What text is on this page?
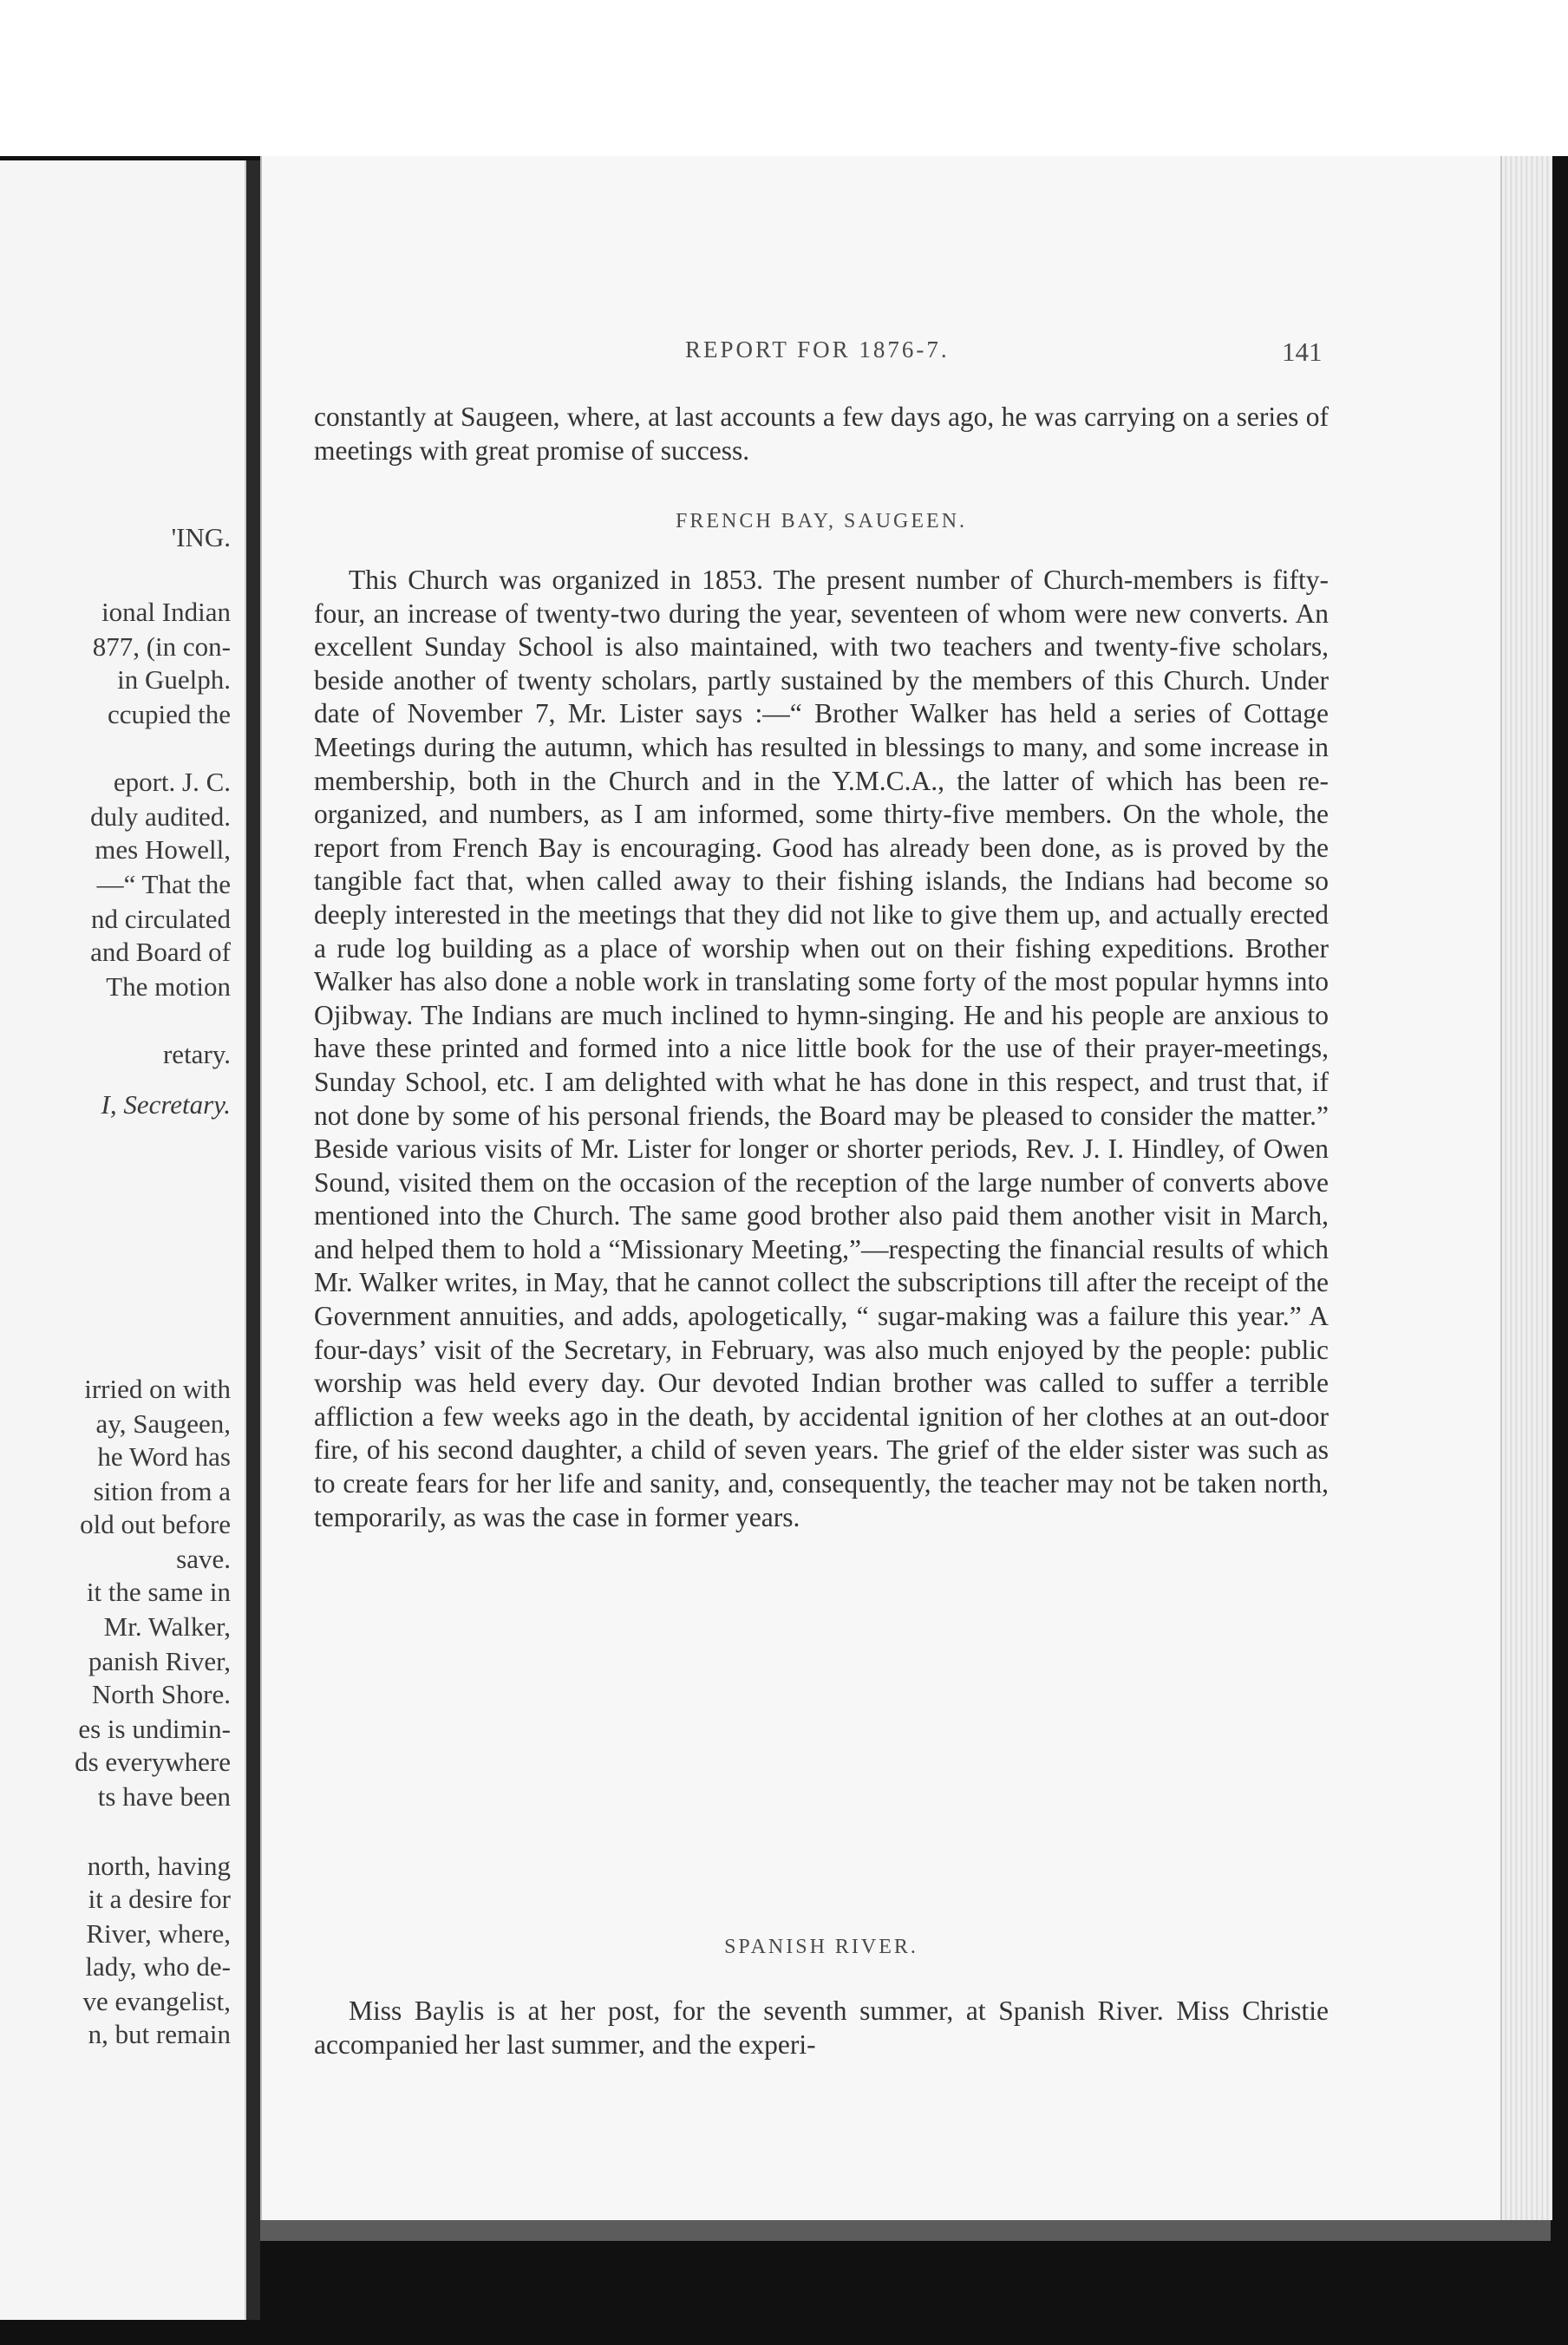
'ING.

ional Indian

877, (in con-

in Guelph.

ccupied the

eport. J. C.

duly audited.

mes Howell,

—“ That the

nd circulated

and Board of

The motion

retary.

I, Secretary.

irried on with

ay, Saugeen,

he Word has

sition from a

old out before

save.

it the same in

Mr. Walker,

panish River,

North Shore.

es is undimin-

ds everywhere

ts have been

north, having

it a desire for

River, where,

lady, who de-

ve evangelist,

n, but remain

REPORT FOR 1876-7.	141

constantly at Saugeen, where, at last accounts a few days ago, he was carrying on a series of meetings with great promise of success.

FRENCH BAY, SAUGEEN.

This Church was organized in 1853. The present number of Church-members is fifty-four, an increase of twenty-two during the year, seventeen of whom were new converts. An excellent Sunday School is also maintained, with two teachers and twenty-five scholars, beside another of twenty scholars, partly sustained by the members of this Church. Under date of November 7, Mr. Lister says :—“ Brother Walker has held a series of Cottage Meetings during the autumn, which has resulted in blessings to many, and some increase in membership, both in the Church and in the Y.M.C.A., the latter of which has been re-organized, and numbers, as I am informed, some thirty-five members. On the whole, the report from French Bay is encouraging. Good has already been done, as is proved by the tangible fact that, when called away to their fishing islands, the Indians had become so deeply interested in the meetings that they did not like to give them up, and actually erected a rude log building as a place of worship when out on their fishing expeditions. Brother Walker has also done a noble work in translating some forty of the most popular hymns into Ojibway. The Indians are much inclined to hymn-singing. He and his people are anxious to have these printed and formed into a nice little book for the use of their prayer-meetings, Sunday School, etc. I am delighted with what he has done in this respect, and trust that, if not done by some of his personal friends, the Board may be pleased to consider the matter.” Beside various visits of Mr. Lister for longer or shorter periods, Rev. J. I. Hindley, of Owen Sound, visited them on the occasion of the reception of the large number of converts above mentioned into the Church. The same good brother also paid them another visit in March, and helped them to hold a “Missionary Meeting,”—respecting the financial results of which Mr. Walker writes, in May, that he cannot collect the subscriptions till after the receipt of the Government annuities, and adds, apologetically, “ sugar-making was a failure this year.” A four-days’ visit of the Secretary, in February, was also much enjoyed by the people: public worship was held every day. Our devoted Indian brother was called to suffer a terrible affliction a few weeks ago in the death, by accidental ignition of her clothes at an out-door fire, of his second daughter, a child of seven years. The grief of the elder sister was such as to create fears for her life and sanity, and, consequently, the teacher may not be taken north, temporarily, as was the case in former years.

SPANISH RIVER.

Miss Baylis is at her post, for the seventh summer, at Spanish River. Miss Christie accompanied her last summer, and the experi-
